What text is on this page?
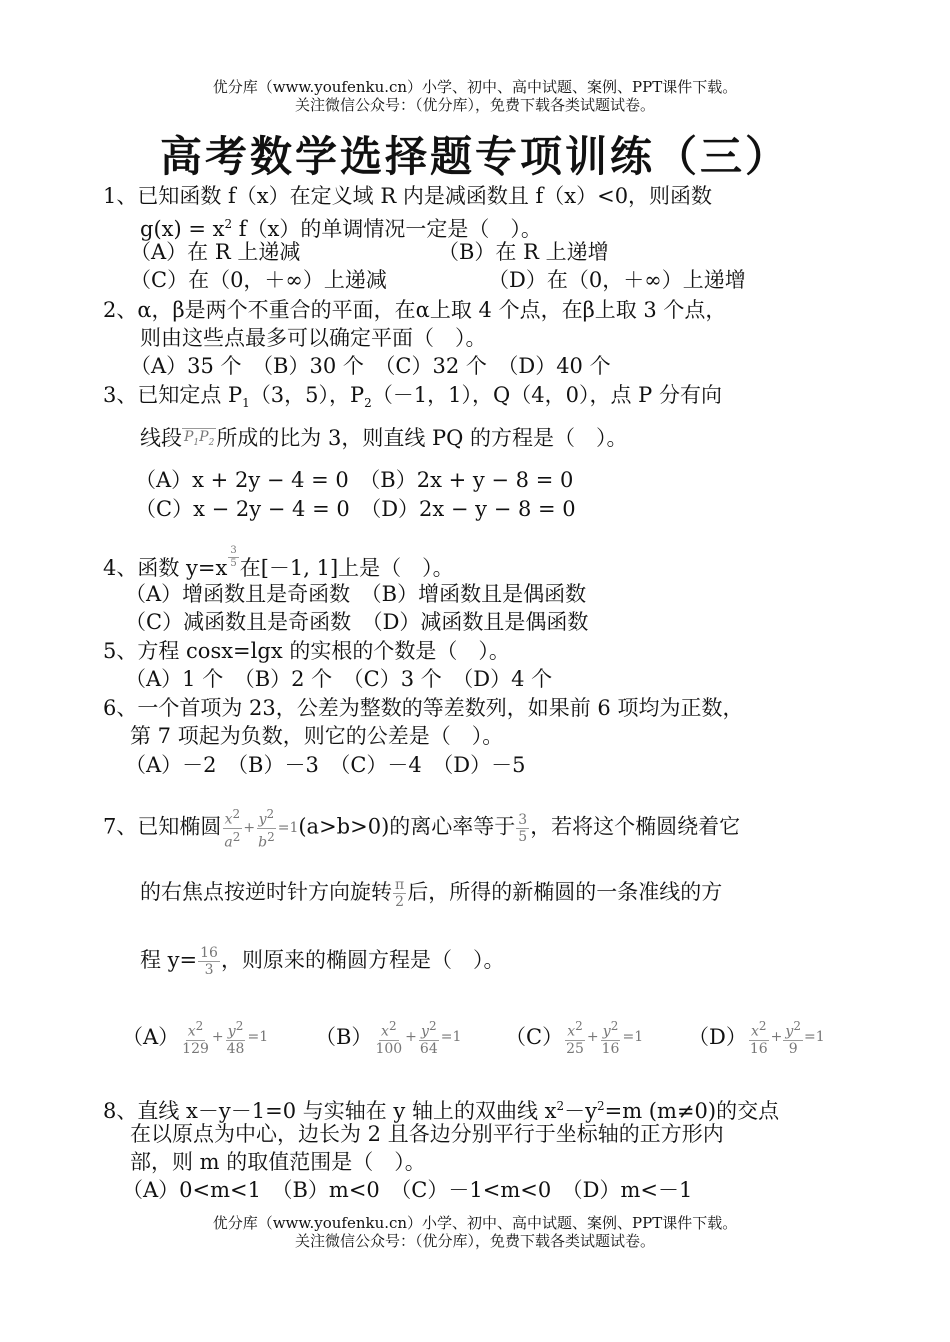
优分库（www.youfenku.cn）小学、初中、高中试题、案例、PPT课件下载。
关注微信公众号：（优分库），免费下载各类试题试卷。
高考数学选择题专项训练（三）
1、已知函数 f（x）在定义域 R 内是减函数且 f（x）<0，则函数
$g(x) = x^2$ f（x）的单调情况一定是（　）。
（A）在 R 上递减	（B）在 R 上递增
（C）在（0，＋∞）上递减	（D）在（0，＋∞）上递增
2、α，β是两个不重合的平面，在α上取 4 个点，在β上取 3 个点，
则由这些点最多可以确定平面（　）。
（A）35 个　（B）30 个　（C）32 个　（D）40 个
3、已知定点 $P_1(3$，5），$P_2(-1$，1），Q（4，0），点 P 分有向
线段 $P_1P_2$所成的比为 3，则直线 PQ 的方程是（　）。
（A）x + 2y − 4 = 0　（B）2x + y − 8 = 0
（C）x − 2y − 4 = 0　（D）2x − y − 8 = 0
4、函数 $y=x \frac{3}{5}$ 在[－1, 1]上是（　）。
（A）增函数且是奇函数　（B）增函数且是偶函数
（C）减函数且是奇函数　（D）减函数且是偶函数
5、方程 cosx=lgx 的实根的个数是（　）。
（A）1 个　（B）2 个　（C）3 个　（D）4 个
6、一个首项为 23，公差为整数的等差数列，如果前 6 项均为正数，
第 7 项起为负数，则它的公差是（　）。
（A）－2　（B）－3　（C）－4　（D）－5
7、已知椭圆 $\frac{x^2}{a^2} + \frac{y^2}{b^2} =1(a>b>0)$的离心率等于 $\frac{3}{5}$ ，若将这个椭圆绕着它
的右焦点按逆时针方向旋转 $\frac{\pi}{2}$ 后，所得的新椭圆的一条准线的方
程 $y= \frac{16}{3}$ ，则原来的椭圆方程是（　）。
$(A) \frac{x^2}{129} + \frac{y^2}{48} =1$ $(B) \frac{x^2}{100} + \frac{y^2}{64} =1$ $(C) \frac{x^2}{25} + \frac{y^2}{16} =1$ $(D) \frac{x^2}{16} + \frac{y^2}{9} =1$
8、直线 x－y－1=0 与实轴在 y 轴上的双曲线 $x^2-y^2=m$ (m≠0)的交点
在以原点为中心，边长为 2 且各边分别平行于坐标轴的正方形内
部，则 m 的取值范围是（　）。
（A）0<m<1　（B）m<0　（C）－1<m<0　（D）m<－1
优分库（www.youfenku.cn）小学、初中、高中试题、案例、PPT课件下载。
关注微信公众号：（优分库），免费下载各类试题试卷。
